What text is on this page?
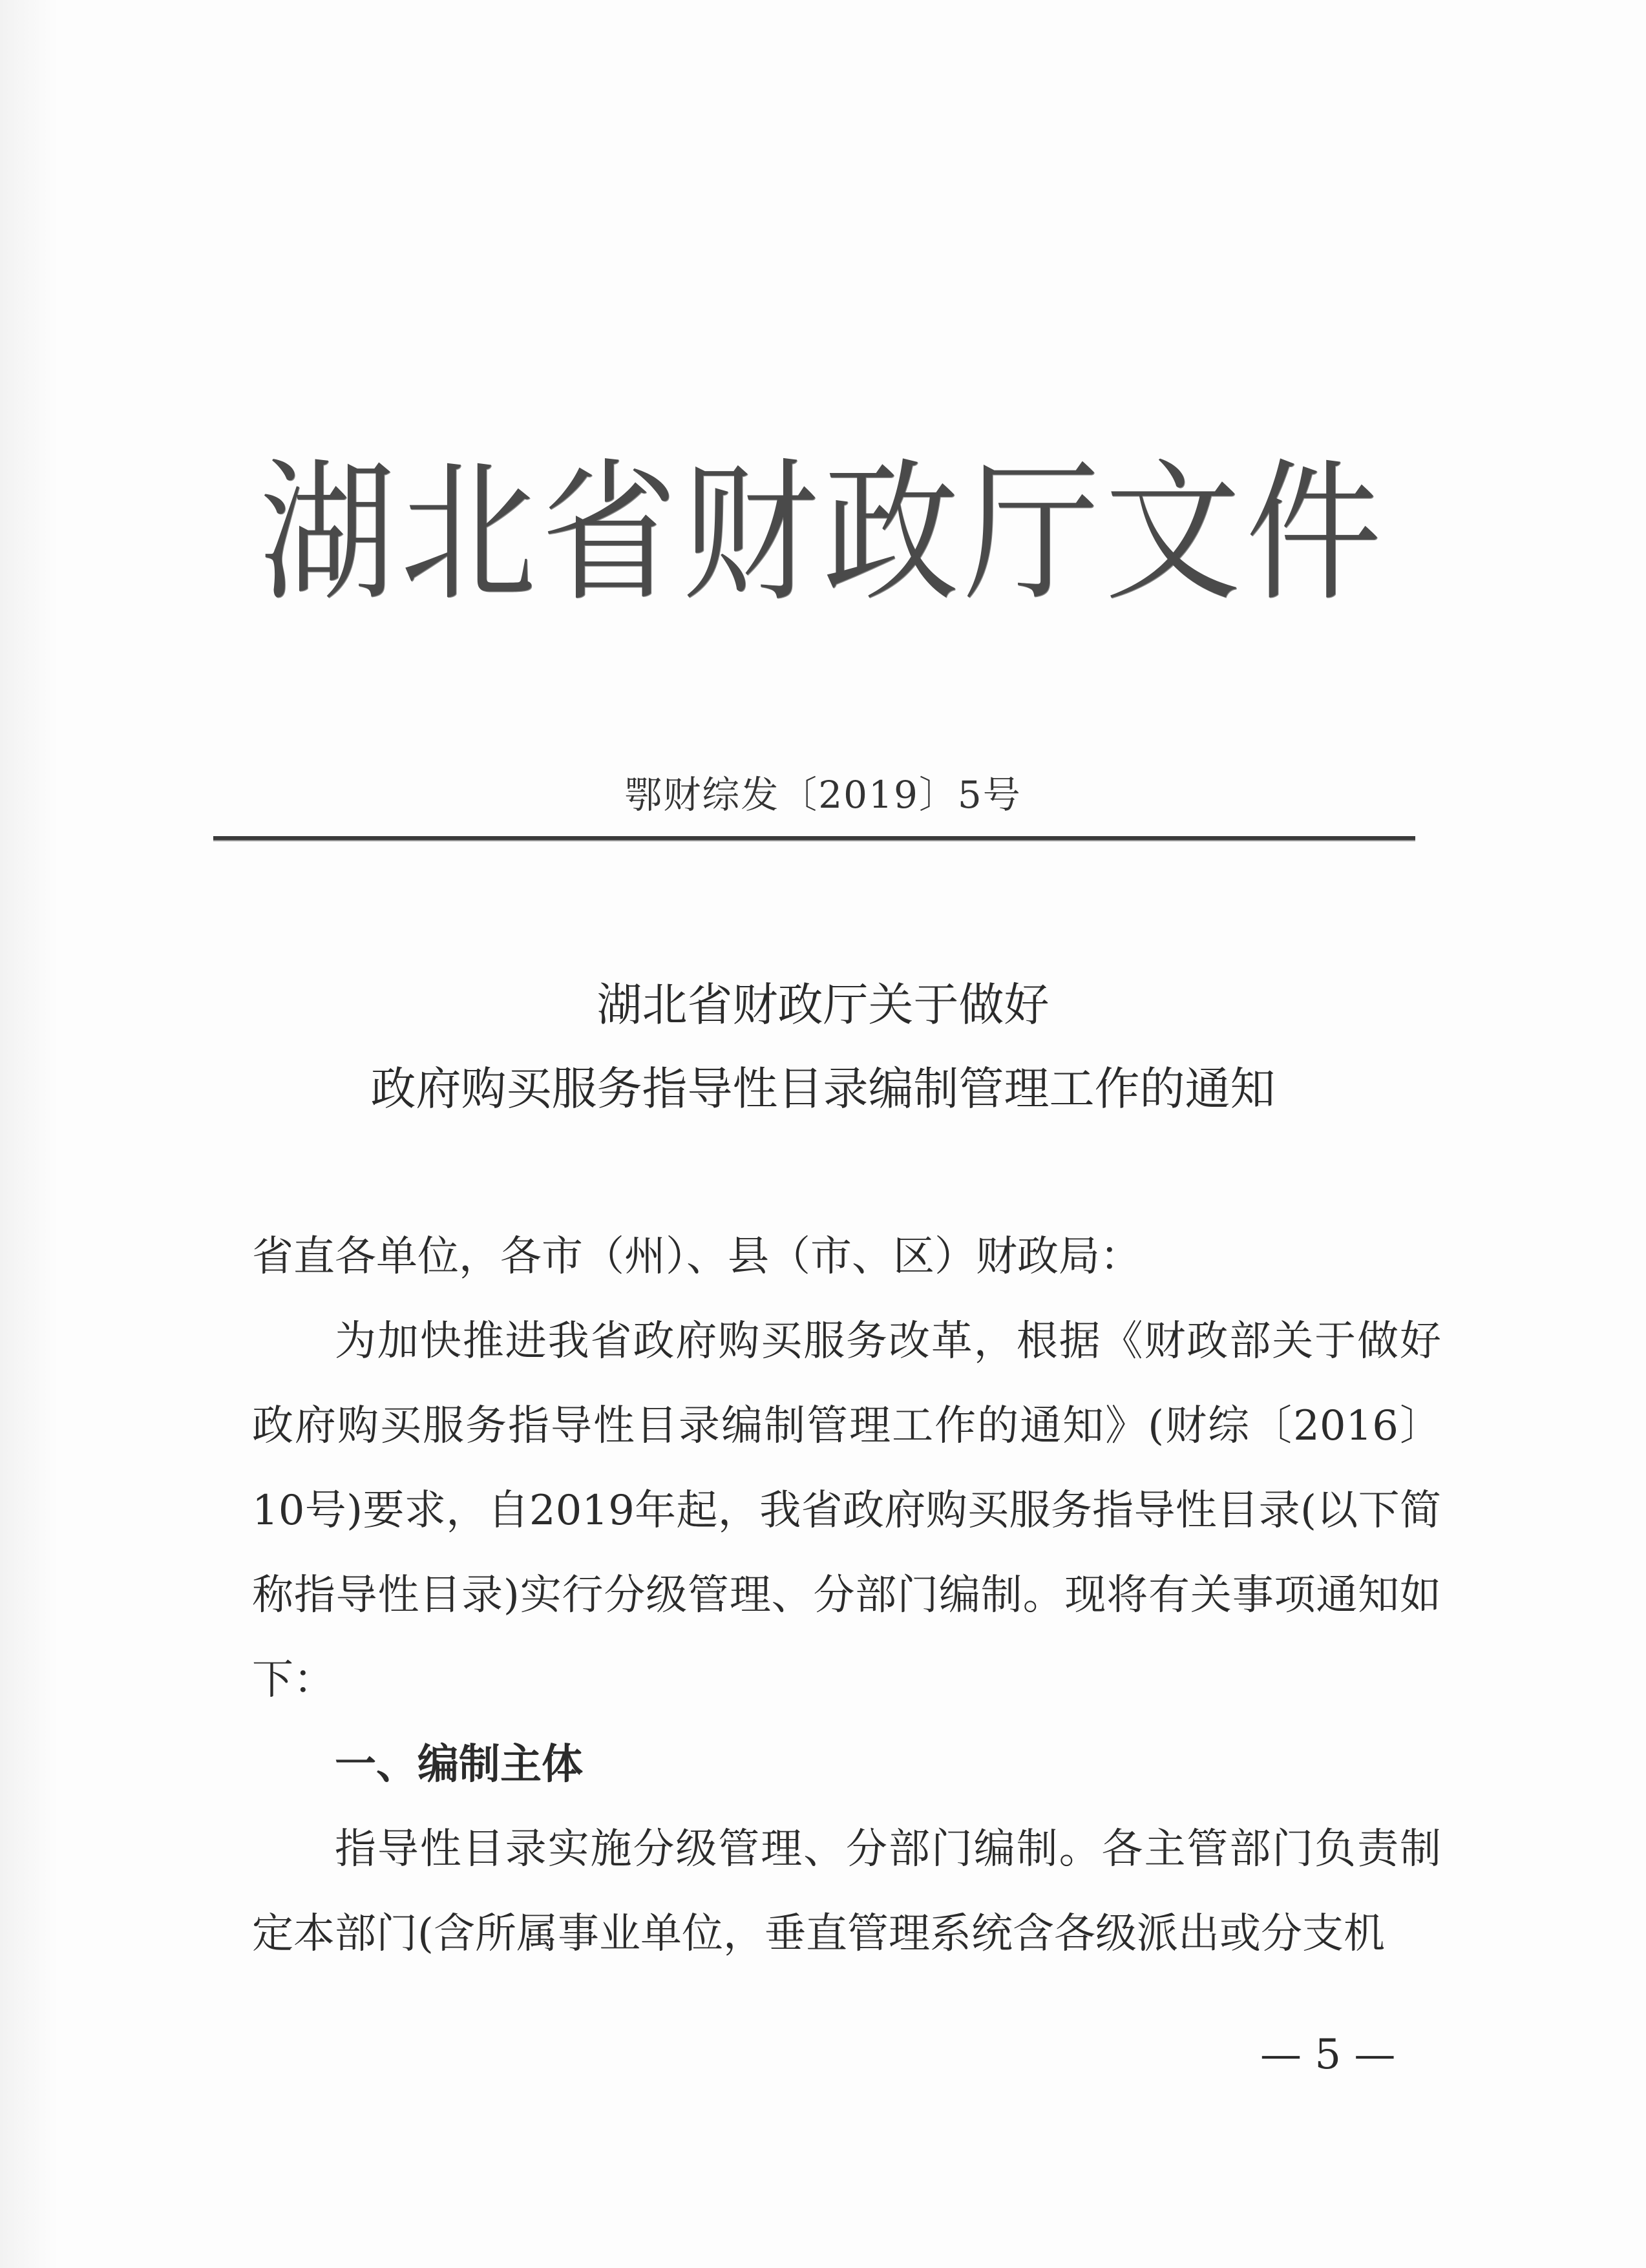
湖北省财政厅文件
鄂财综发〔2019〕5号
湖北省财政厅关于做好
政府购买服务指导性目录编制管理工作的通知

省直各单位，各市（州）、县（市、区）财政局：

为加快推进我省政府购买服务改革，根据《财政部关于做好政府购买服务指导性目录编制管理工作的通知》(财综〔2016〕10号)要求，自2019年起，我省政府购买服务指导性目录(以下简称指导性目录)实行分级管理、分部门编制。现将有关事项通知如下：

一、编制主体

指导性目录实施分级管理、分部门编制。各主管部门负责制定本部门(含所属事业单位，垂直管理系统含各级派出或分支机

— 5 —
